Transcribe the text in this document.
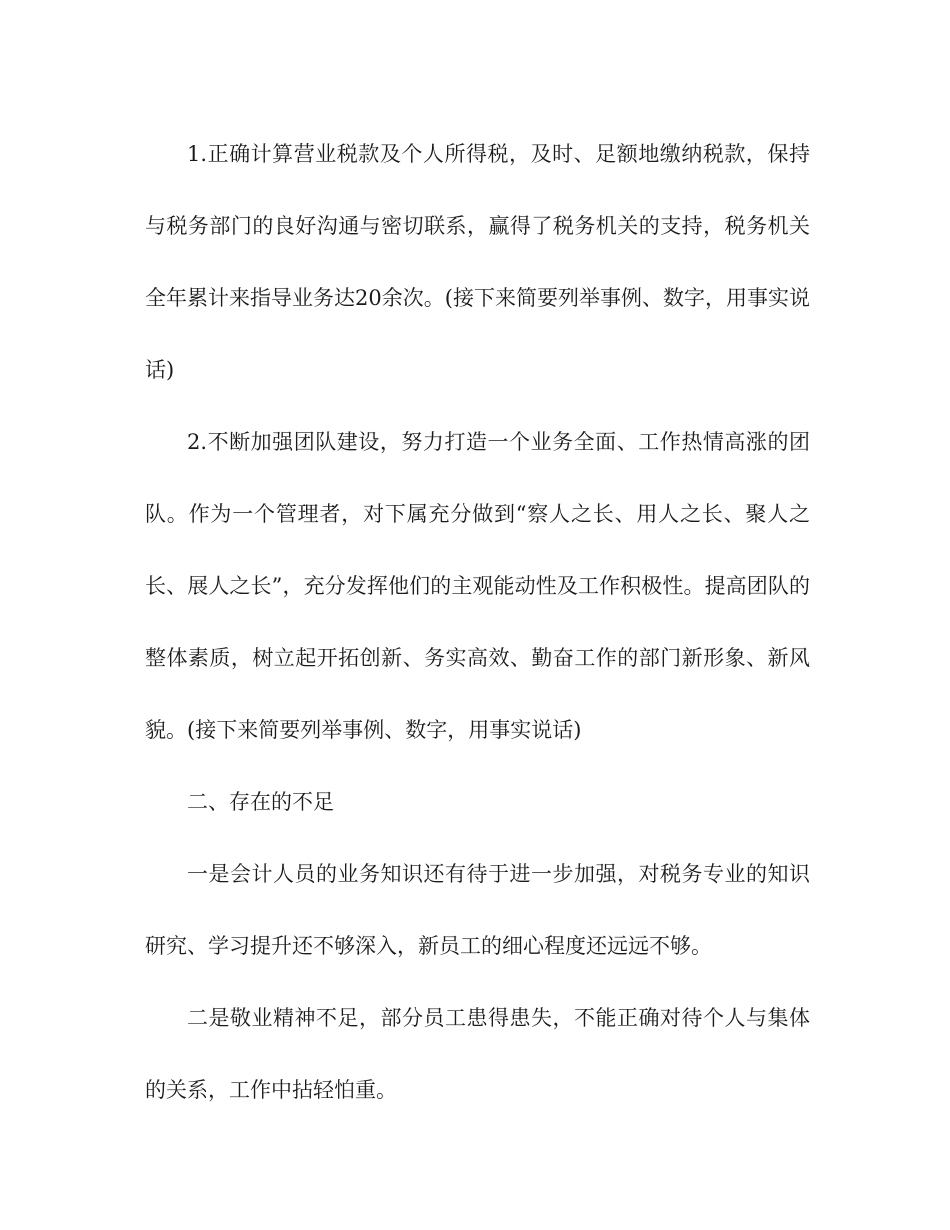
1.正确计算营业税款及个人所得税，及时、足额地缴纳税款，保持与税务部门的良好沟通与密切联系，赢得了税务机关的支持，税务机关全年累计来指导业务达20余次。(接下来简要列举事例、数字，用事实说话)

2.不断加强团队建设，努力打造一个业务全面、工作热情高涨的团队。作为一个管理者，对下属充分做到“察人之长、用人之长、聚人之长、展人之长”，充分发挥他们的主观能动性及工作积极性。提高团队的整体素质，树立起开拓创新、务实高效、勤奋工作的部门新形象、新风貌。(接下来简要列举事例、数字，用事实说话)

二、存在的不足

一是会计人员的业务知识还有待于进一步加强，对税务专业的知识研究、学习提升还不够深入，新员工的细心程度还远远不够。

二是敬业精神不足，部分员工患得患失，不能正确对待个人与集体的关系，工作中拈轻怕重。
